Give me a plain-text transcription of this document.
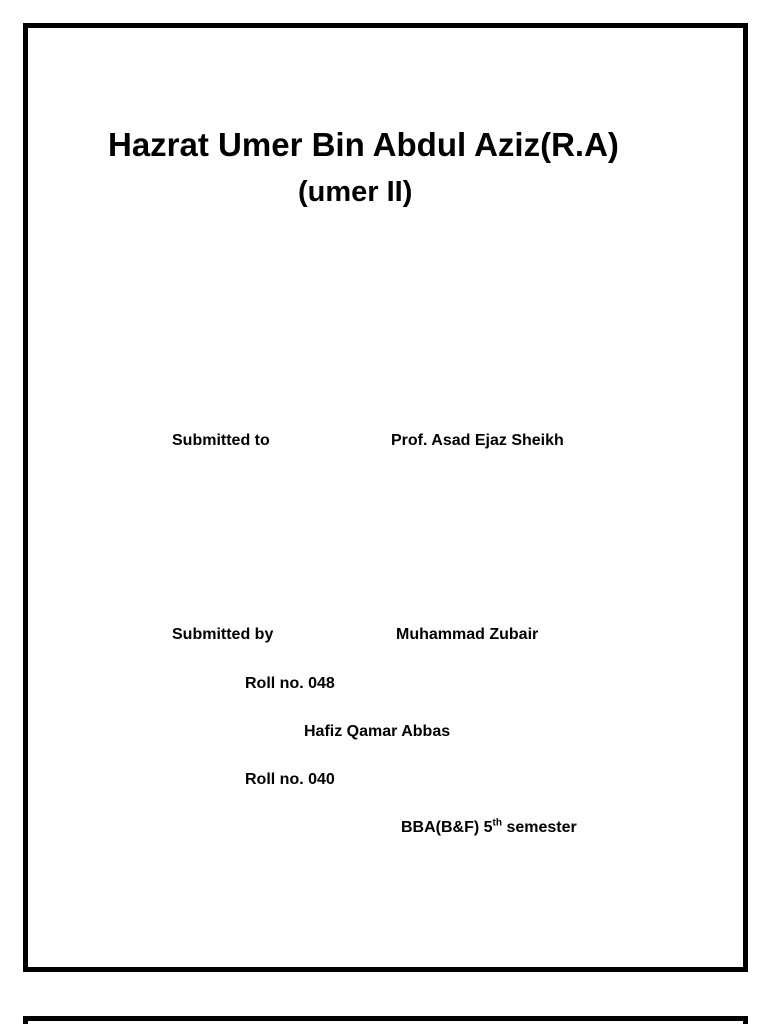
Hazrat Umer Bin Abdul Aziz(R.A)
(umer II)
Submitted to	Prof. Asad Ejaz Sheikh
Submitted by	Muhammad Zubair
Roll no. 048
Hafiz Qamar Abbas
Roll no. 040
BBA(B&F) 5th semester
